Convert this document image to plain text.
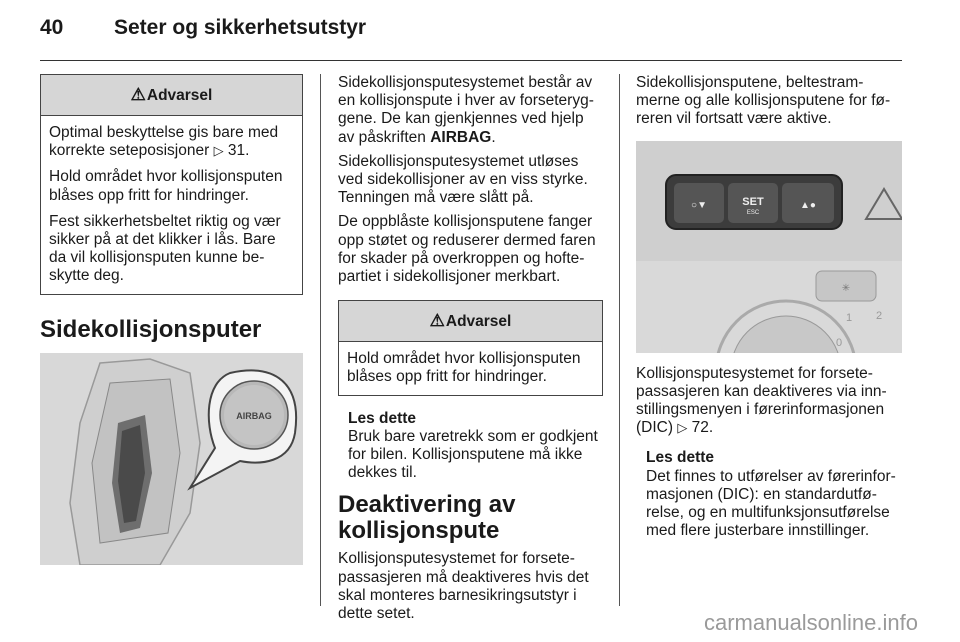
40 Seter og sikkerhetsutstyr
⚠Advarsel

Optimal beskyttelse gis bare med korrekte seteposisjoner ▷ 31.

Hold området hvor kollisjonsputen blåses opp fritt for hindringer.

Fest sikkerhetsbeltet riktig og vær sikker på at det klikker i lås. Bare da vil kollisjonsputen kunne be-skytte deg.

Sidekollisjonsputer
AIRBAG

Sidekollisjonsputesystemet består av en kollisjonspute i hver av forseteryg-gene. De kan gjenkjennes ved hjelp av påskriften AIRBAG.

Sidekollisjonsputesystemet utløses ved sidekollisjoner av en viss styrke. Tenningen må være slått på.

De oppblåste kollisjonsputene fanger opp støtet og reduserer dermed faren for skader på overkroppen og hofte-partiet i sidekollisjoner merkbart.

⚠Advarsel

Hold området hvor kollisjonsputen blåses opp fritt for hindringer.

Les dette
Bruk bare varetrekk som er godkjent for bilen. Kollisjonsputene må ikke dekkes til.
Deaktivering av kollisjonspute

Kollisjonsputesystemet for forsete-passasjeren må deaktiveres hvis det skal monteres barnesikringsutstyr i dette setet.

Sidekollisjonsputene, beltestram-merne og alle kollisjonsputene for fø-reren vil fortsatt være aktive.

○▼	SET
ESC
▲●
✳
1 2
0

Kollisjonsputesystemet for forsete-passasjeren kan deaktiveres via inn-stillingsmenyen i førerinformasjonen (DIC) ▷ 72.

Les dette
Det finnes to utførelser av førerinfor-masjonen (DIC): en standardutfø-relse, og en multifunksjonsutførelse med flere justerbare innstillinger.
carmanualsonline.info
